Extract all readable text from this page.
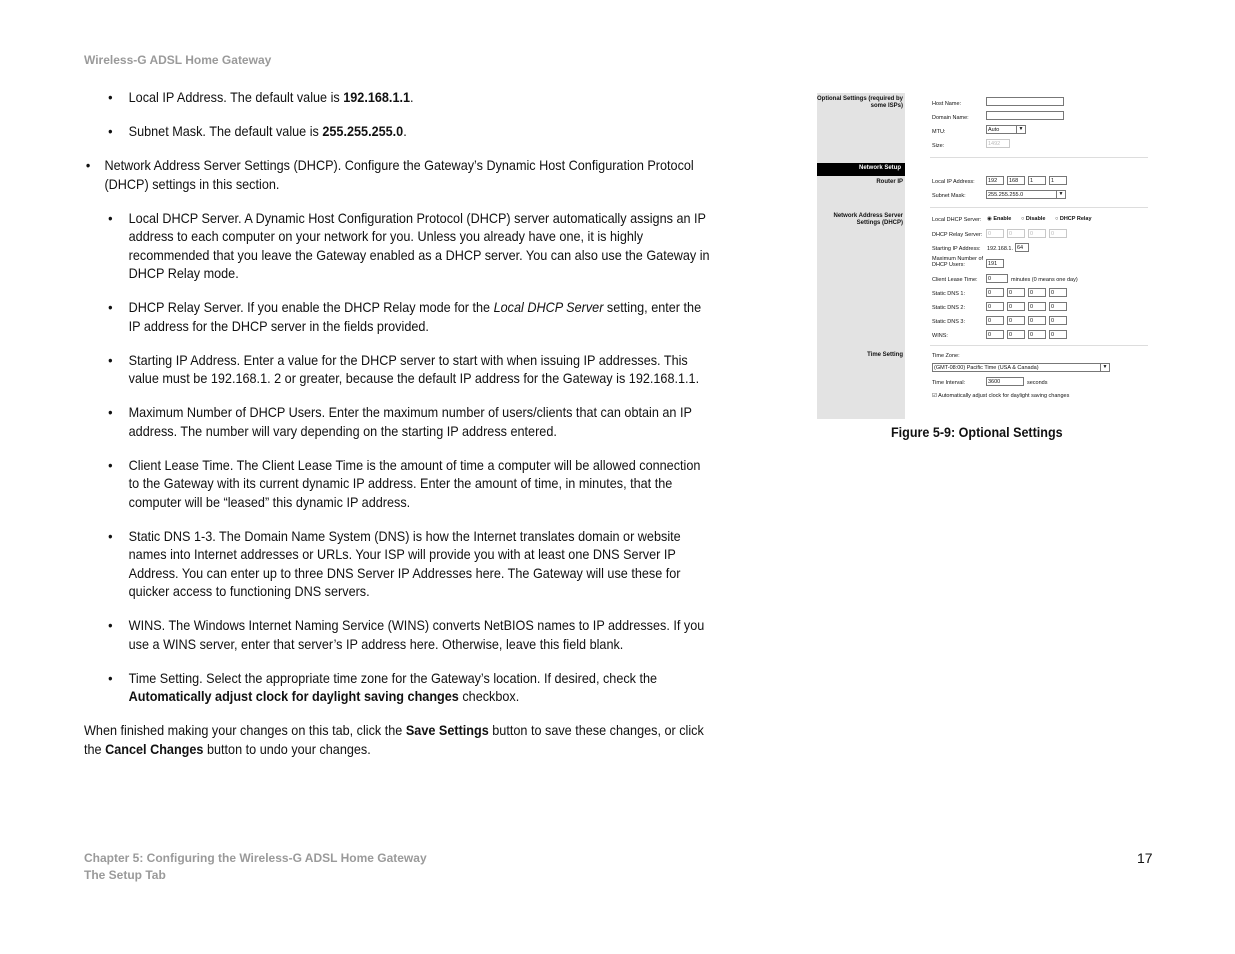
Wireless-G ADSL Home Gateway
• Local IP Address. The default value is 192.168.1.1.
• Subnet Mask. The default value is 255.255.255.0.
• Network Address Server Settings (DHCP). Configure the Gateway’s Dynamic Host Configuration Protocol (DHCP) settings in this section.
• Local DHCP Server. A Dynamic Host Configuration Protocol (DHCP) server automatically assigns an IP address to each computer on your network for you. Unless you already have one, it is highly recommended that you leave the Gateway enabled as a DHCP server. You can also use the Gateway in DHCP Relay mode.
• DHCP Relay Server. If you enable the DHCP Relay mode for the Local DHCP Server setting, enter the IP address for the DHCP server in the fields provided.
• Starting IP Address. Enter a value for the DHCP server to start with when issuing IP addresses. This value must be 192.168.1. 2 or greater, because the default IP address for the Gateway is 192.168.1.1.
• Maximum Number of DHCP Users. Enter the maximum number of users/clients that can obtain an IP address. The number will vary depending on the starting IP address entered.
• Client Lease Time. The Client Lease Time is the amount of time a computer will be allowed connection to the Gateway with its current dynamic IP address. Enter the amount of time, in minutes, that the computer will be “leased” this dynamic IP address.
• Static DNS 1-3. The Domain Name System (DNS) is how the Internet translates domain or website names into Internet addresses or URLs. Your ISP will provide you with at least one DNS Server IP Address. You can enter up to three DNS Server IP Addresses here. The Gateway will use these for quicker access to functioning DNS servers.
• WINS. The Windows Internet Naming Service (WINS) converts NetBIOS names to IP addresses. If you use a WINS server, enter that server’s IP address here. Otherwise, leave this field blank.
• Time Setting. Select the appropriate time zone for the Gateway’s location. If desired, check the Automatically adjust clock for daylight saving changes checkbox.
When finished making your changes on this tab, click the Save Settings button to save these changes, or click the Cancel Changes button to undo your changes.
Optional Settings (required by some ISPs)
Network Setup
Router IP
Network Address Server Settings (DHCP)
Time Setting
Host Name:
Domain Name:
MTU:	Auto	▼
Size:	1492
Local IP Address:	192	168	1	1
Subnet Mask:	255.255.255.0	▼
Local DHCP Server: ◉ Enable ○ Disable ○ DHCP Relay
DHCP Relay Server:	0	0	0	0
Starting IP Address: 192.168.1. 64
Maximum Number of DHCP Users:	191
Client Lease Time:	0	minutes (0 means one day)
Static DNS 1:	0	0	0	0
Static DNS 2:	0	0	0	0
Static DNS 3:	0	0	0	0
WINS:	0	0	0	0
Time Zone:
(GMT-08:00) Pacific Time (USA & Canada)	▼
Time Interval:	3600	seconds
☑ Automatically adjust clock for daylight saving changes
Figure 5-9: Optional Settings
Chapter 5: Configuring the Wireless-G ADSL Home Gateway
The Setup Tab
17
